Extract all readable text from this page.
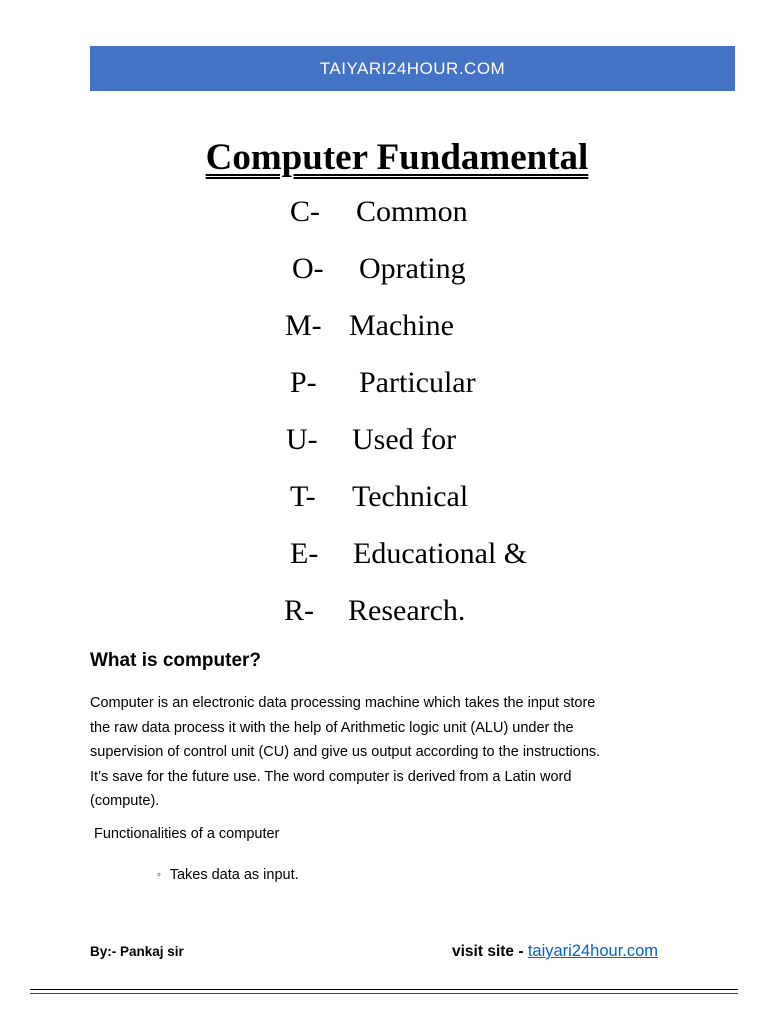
TAIYARI24HOUR.COM
Computer Fundamental
C- Common
O- Oprating
M- Machine
P- Particular
U- Used for
T- Technical
E- Educational &
R- Research.
What is computer?
Computer is an electronic data processing machine which takes the input store
the raw data process it with the help of Arithmetic logic unit (ALU) under the
supervision of control unit (CU) and give us output according to the instructions.
It’s save for the future use. The word computer is derived from a Latin word
(compute).
Functionalities of a computer
◦ Takes data as input.
By:- Pankaj sir	visit site - taiyari24hour.com
